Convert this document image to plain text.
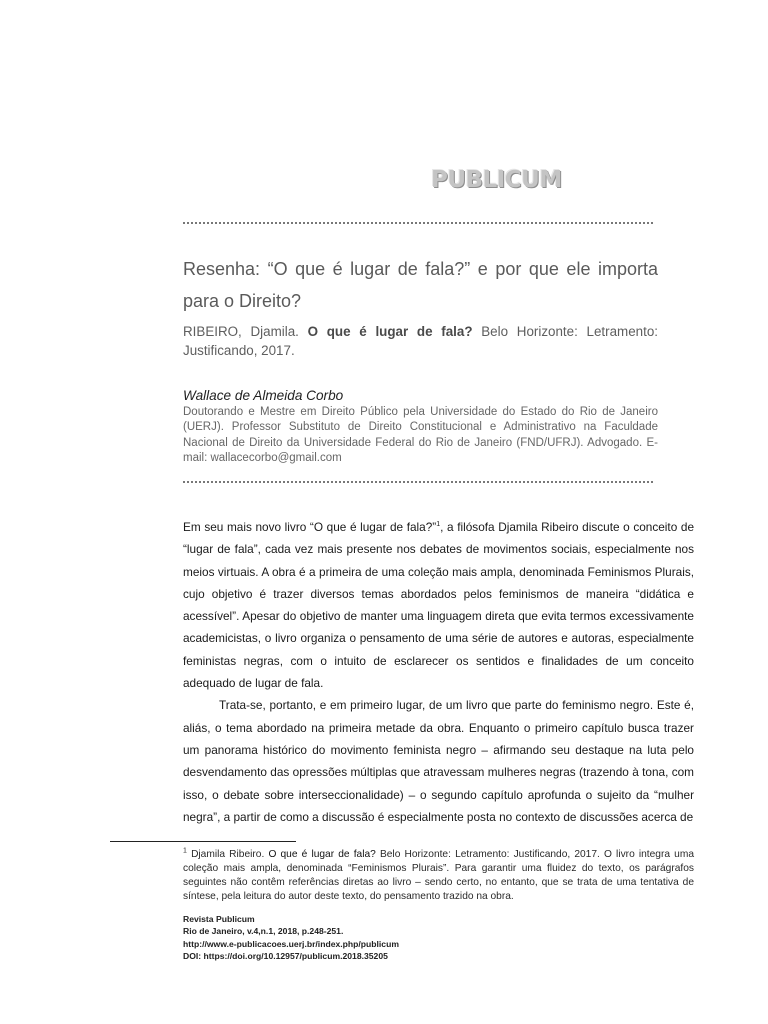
PUBLICUM
Resenha: “O que é lugar de fala?” e por que ele importa
para o Direito?
RIBEIRO, Djamila. O que é lugar de fala? Belo Horizonte: Letramento: Justificando, 2017.
Wallace de Almeida Corbo
Doutorando e Mestre em Direito Público pela Universidade do Estado do Rio de Janeiro (UERJ). Professor Substituto de Direito Constitucional e Administrativo na Faculdade Nacional de Direito da Universidade Federal do Rio de Janeiro (FND/UFRJ). Advogado. E-mail: wallacecorbo@gmail.com

Em seu mais novo livro “O que é lugar de fala?”$^1$, a filósofa Djamila Ribeiro discute o conceito de “lugar de fala”, cada vez mais presente nos debates de movimentos sociais, especialmente nos meios virtuais. A obra é a primeira de uma coleção mais ampla, denominada Feminismos Plurais, cujo objetivo é trazer diversos temas abordados pelos feminismos de maneira “didática e acessível”. Apesar do objetivo de manter uma linguagem direta que evita termos excessivamente academicistas, o livro organiza o pensamento de uma série de autores e autoras, especialmente feministas negras, com o intuito de esclarecer os sentidos e finalidades de um conceito adequado de lugar de fala.

Trata-se, portanto, e em primeiro lugar, de um livro que parte do feminismo negro. Este é, aliás, o tema abordado na primeira metade da obra. Enquanto o primeiro capítulo busca trazer um panorama histórico do movimento feminista negro – afirmando seu destaque na luta pelo desvendamento das opressões múltiplas que atravessam mulheres negras (trazendo à tona, com isso, o debate sobre interseccionalidade) – o segundo capítulo aprofunda o sujeito da “mulher negra”, a partir de como a discussão é especialmente posta no contexto de discussões acerca de

$^1$ Djamila Ribeiro. O que é lugar de fala? Belo Horizonte: Letramento: Justificando, 2017. O livro integra uma coleção mais ampla, denominada “Feminismos Plurais”. Para garantir uma fluidez do texto, os parágrafos seguintes não contêm referências diretas ao livro – sendo certo, no entanto, que se trata de uma tentativa de síntese, pela leitura do autor deste texto, do pensamento trazido na obra.
Revista Publicum
Rio de Janeiro, v.4,n.1, 2018, p.248-251.
http://www.e-publicacoes.uerj.br/index.php/publicum
DOI: https://doi.org/10.12957/publicum.2018.35205
